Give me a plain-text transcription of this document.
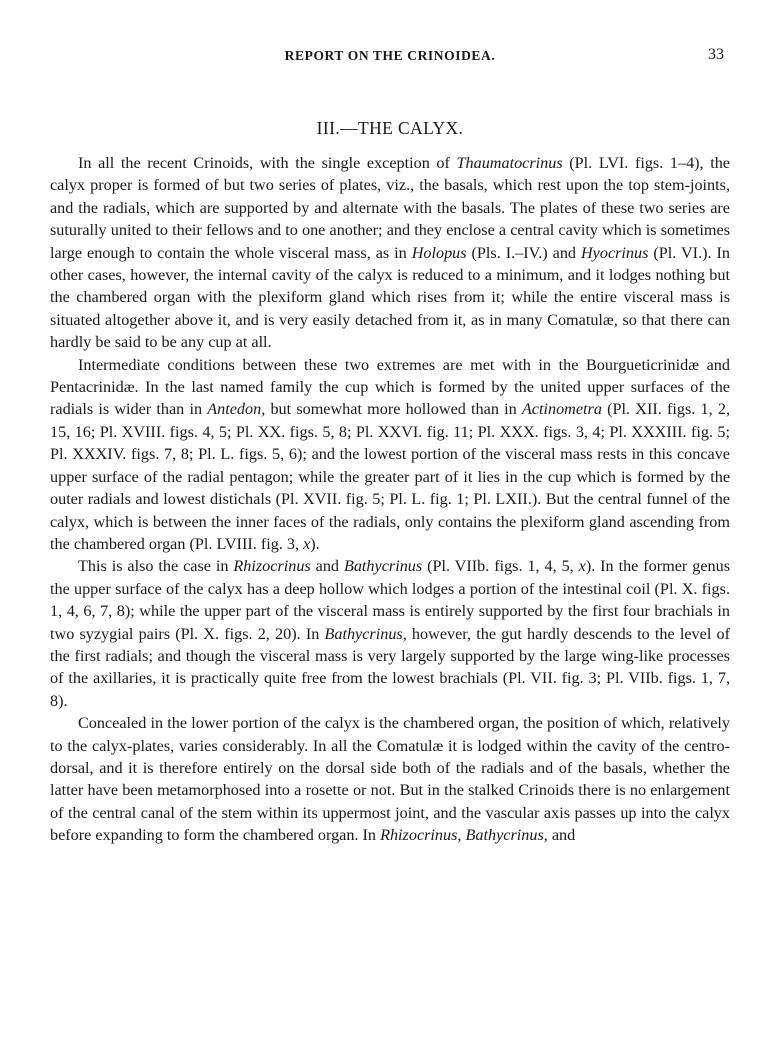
REPORT ON THE CRINOIDEA.	33
III.—THE CALYX.

In all the recent Crinoids, with the single exception of Thaumatocrinus (Pl. LVI. figs. 1–4), the calyx proper is formed of but two series of plates, viz., the basals, which rest upon the top stem-joints, and the radials, which are supported by and alternate with the basals. The plates of these two series are suturally united to their fellows and to one another; and they enclose a central cavity which is sometimes large enough to contain the whole visceral mass, as in Holopus (Pls. I.–IV.) and Hyocrinus (Pl. VI.). In other cases, however, the internal cavity of the calyx is reduced to a minimum, and it lodges nothing but the chambered organ with the plexiform gland which rises from it; while the entire visceral mass is situated altogether above it, and is very easily detached from it, as in many Comatulæ, so that there can hardly be said to be any cup at all.

Intermediate conditions between these two extremes are met with in the Bourgueticrinidæ and Pentacrinidæ. In the last named family the cup which is formed by the united upper surfaces of the radials is wider than in Antedon, but somewhat more hollowed than in Actinometra (Pl. XII. figs. 1, 2, 15, 16; Pl. XVIII. figs. 4, 5; Pl. XX. figs. 5, 8; Pl. XXVI. fig. 11; Pl. XXX. figs. 3, 4; Pl. XXXIII. fig. 5; Pl. XXXIV. figs. 7, 8; Pl. L. figs. 5, 6); and the lowest portion of the visceral mass rests in this concave upper surface of the radial pentagon; while the greater part of it lies in the cup which is formed by the outer radials and lowest distichals (Pl. XVII. fig. 5; Pl. L. fig. 1; Pl. LXII.). But the central funnel of the calyx, which is between the inner faces of the radials, only contains the plexiform gland ascending from the chambered organ (Pl. LVIII. fig. 3, x).

This is also the case in Rhizocrinus and Bathycrinus (Pl. VIIb. figs. 1, 4, 5, x). In the former genus the upper surface of the calyx has a deep hollow which lodges a portion of the intestinal coil (Pl. X. figs. 1, 4, 6, 7, 8); while the upper part of the visceral mass is entirely supported by the first four brachials in two syzygial pairs (Pl. X. figs. 2, 20). In Bathycrinus, however, the gut hardly descends to the level of the first radials; and though the visceral mass is very largely supported by the large wing-like processes of the axillaries, it is practically quite free from the lowest brachials (Pl. VII. fig. 3; Pl. VIIb. figs. 1, 7, 8).

Concealed in the lower portion of the calyx is the chambered organ, the position of which, relatively to the calyx-plates, varies considerably. In all the Comatulæ it is lodged within the cavity of the centro-dorsal, and it is therefore entirely on the dorsal side both of the radials and of the basals, whether the latter have been metamorphosed into a rosette or not. But in the stalked Crinoids there is no enlargement of the central canal of the stem within its uppermost joint, and the vascular axis passes up into the calyx before expanding to form the chambered organ. In Rhizocrinus, Bathycrinus, and
